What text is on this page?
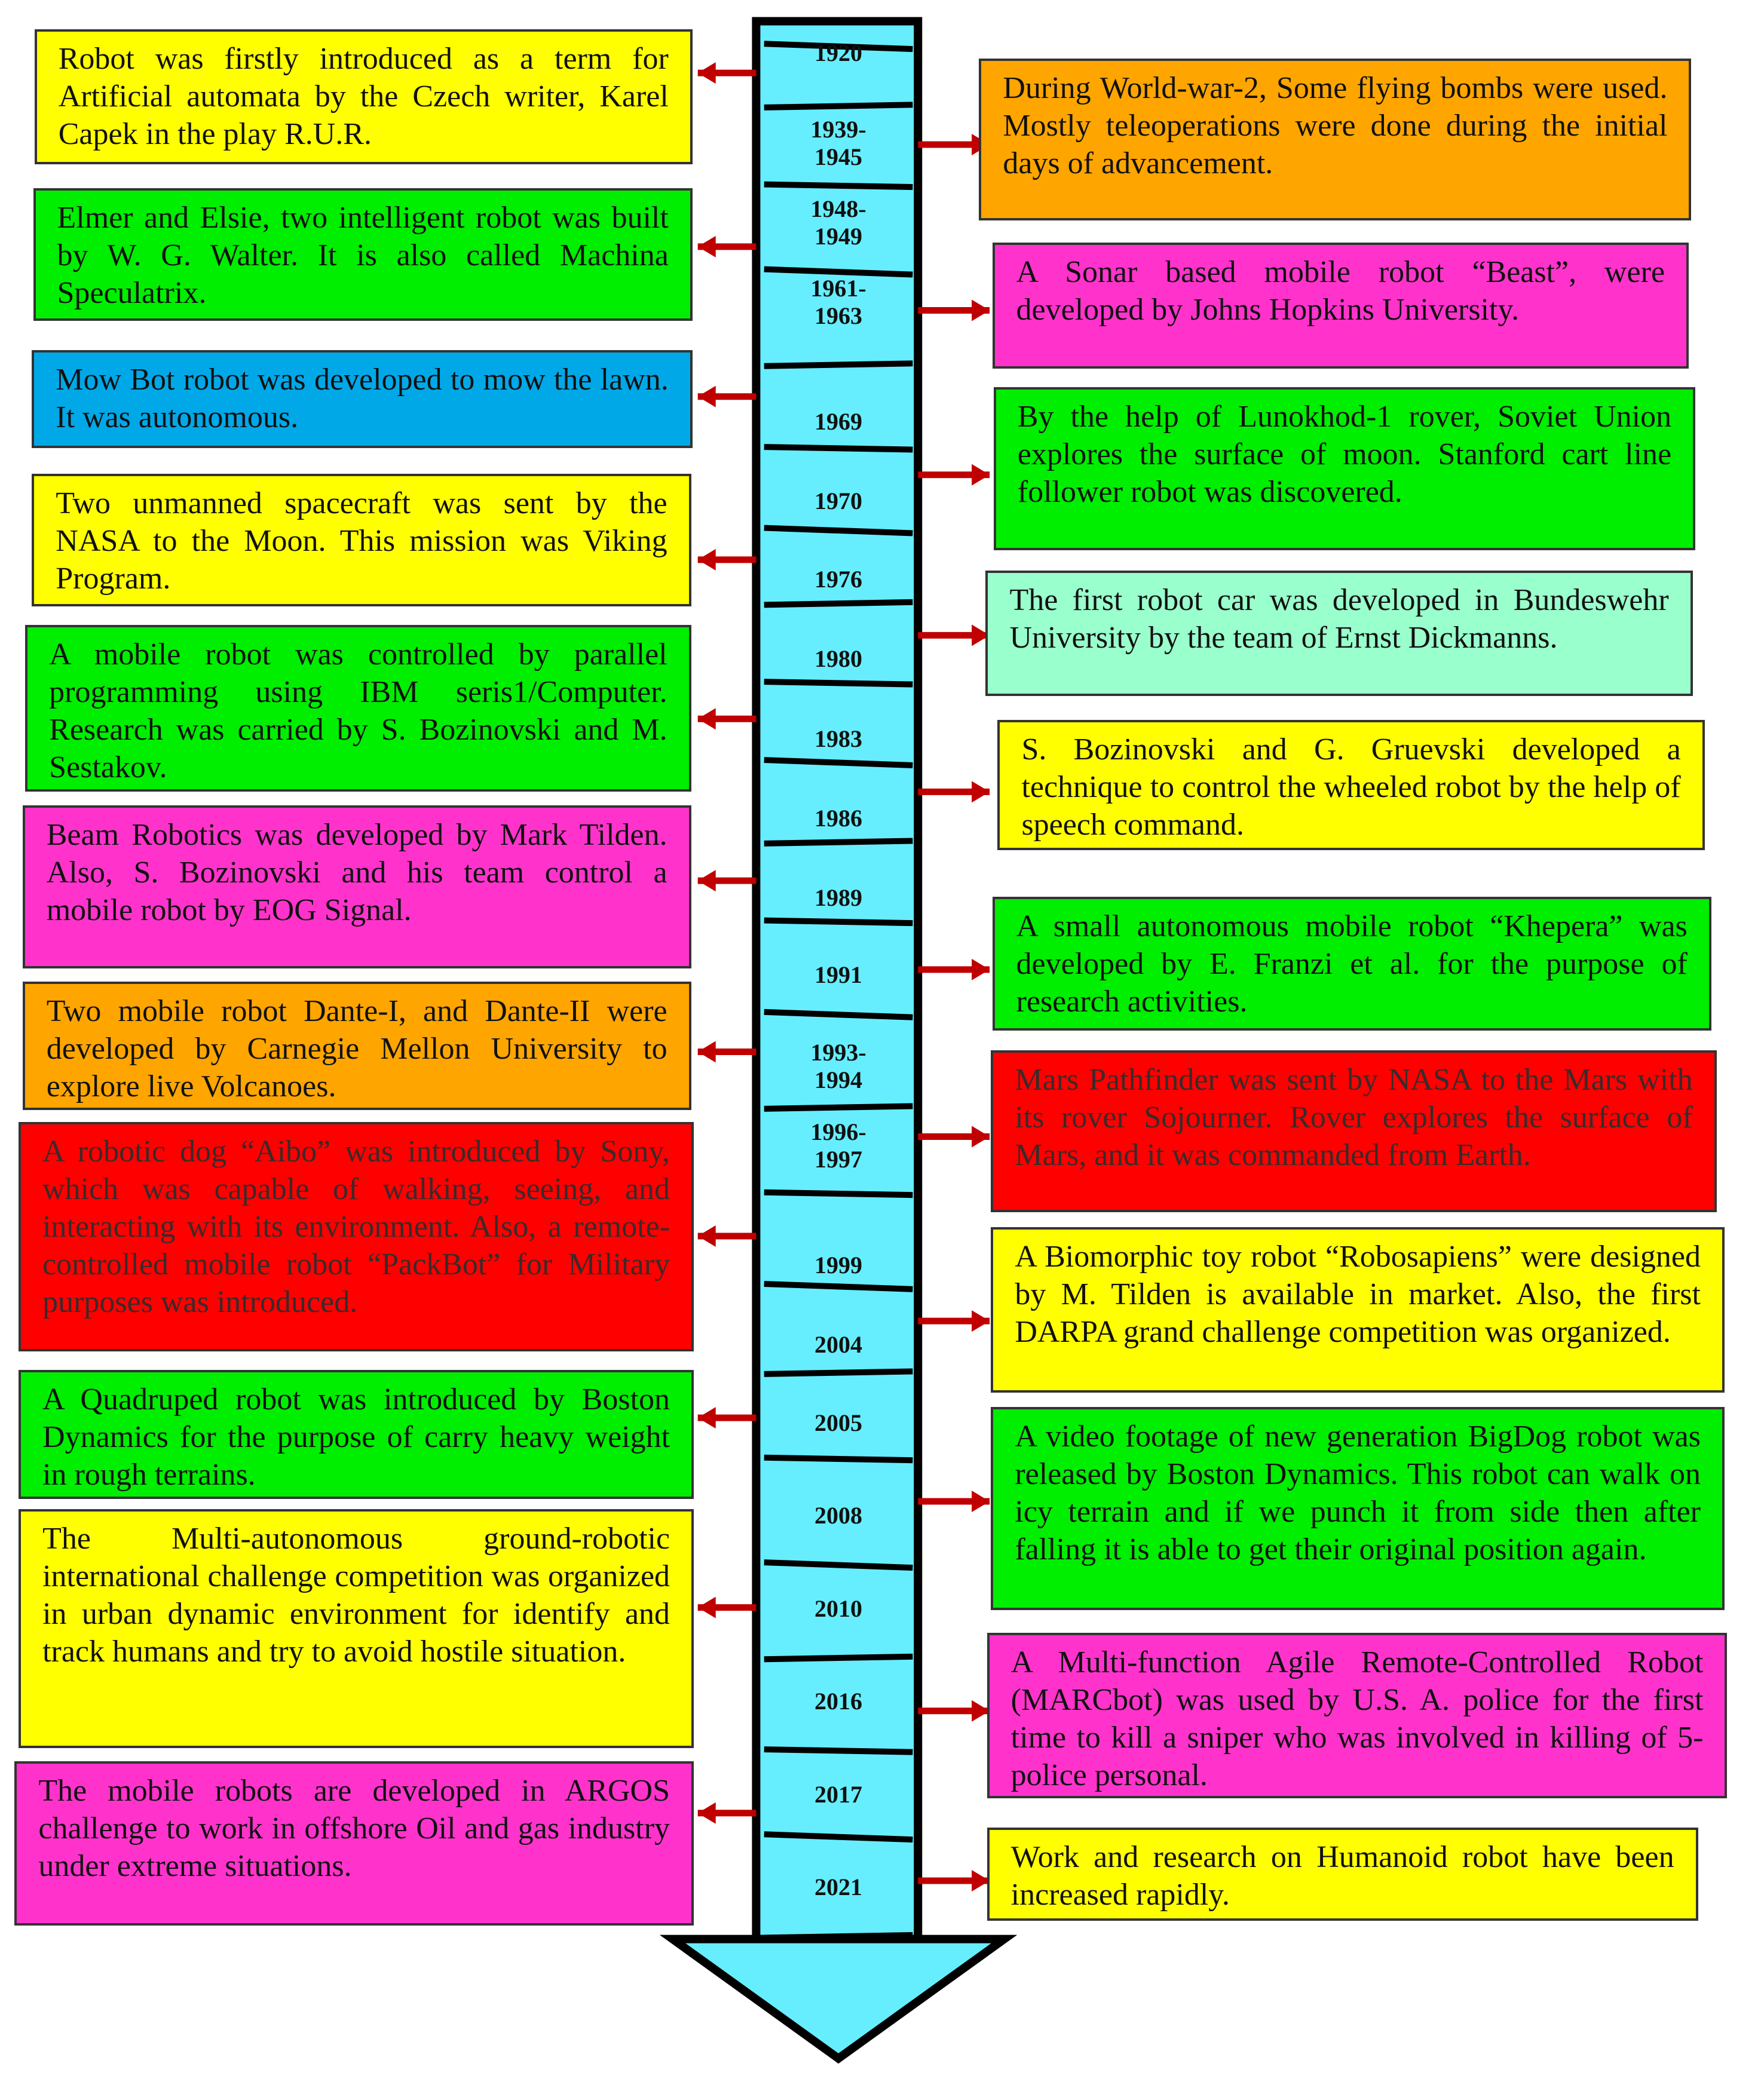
1920
1939-
1945
1948-
1949
1961-
1963
1969
1970
1976
1980
1983
1986
1989
1991
1993-
1994
1996-
1997
1999
2004
2005
2008
2010
2016
2017
2021
Robot was firstly introduced as a term for Artificial automata by the Czech writer, Karel Capek in the play R.U.R.
Elmer and Elsie, two intelligent robot was built by W. G. Walter. It is also called Machina Speculatrix.
Mow Bot robot was developed to mow the lawn. It was autonomous.
Two unmanned spacecraft was sent by the NASA to the Moon. This mission was Viking Program.
A mobile robot was controlled by parallel programming using IBM seris1/Computer. Research was carried by S. Bozinovski and M. Sestakov.
Beam Robotics was developed by Mark Tilden. Also, S. Bozinovski and his team control a mobile robot by EOG Signal.
Two mobile robot Dante-I, and Dante-II were developed by Carnegie Mellon University to explore live Volcanoes.
A robotic dog “Aibo” was introduced by Sony, which was capable of walking, seeing, and interacting with its environment. Also, a remote-controlled mobile robot “PackBot” for Military purposes was introduced.
A Quadruped robot was introduced by Boston Dynamics for the purpose of carry heavy weight in rough terrains.
The Multi-autonomous ground-robotic international challenge competition was organized in urban dynamic environment for identify and track humans and try to avoid hostile situation.
The mobile robots are developed in ARGOS challenge to work in offshore Oil and gas industry under extreme situations.
During World-war-2, Some flying bombs were used. Mostly teleoperations were done during the initial days of advancement.
A Sonar based mobile robot “Beast”, were developed by Johns Hopkins University.
By the help of Lunokhod-1 rover, Soviet Union explores the surface of moon. Stanford cart line follower robot was discovered.
The first robot car was developed in Bundeswehr University by the team of Ernst Dickmanns.
S. Bozinovski and G. Gruevski developed a technique to control the wheeled robot by the help of speech command.
A small autonomous mobile robot “Khepera” was developed by E. Franzi et al. for the purpose of research activities.
Mars Pathfinder was sent by NASA to the Mars with its rover Sojourner. Rover explores the surface of Mars, and it was commanded from Earth.
A Biomorphic toy robot “Robosapiens” were designed by M. Tilden is available in market. Also, the first DARPA grand challenge competition was organized.
A video footage of new generation BigDog robot was released by Boston Dynamics. This robot can walk on icy terrain and if we punch it from side then after falling it is able to get their original position again.
A Multi-function Agile Remote-Controlled Robot (MARCbot) was used by U.S. A. police for the first time to kill a sniper who was involved in killing of 5-police personal.
Work and research on Humanoid robot have been increased rapidly.
